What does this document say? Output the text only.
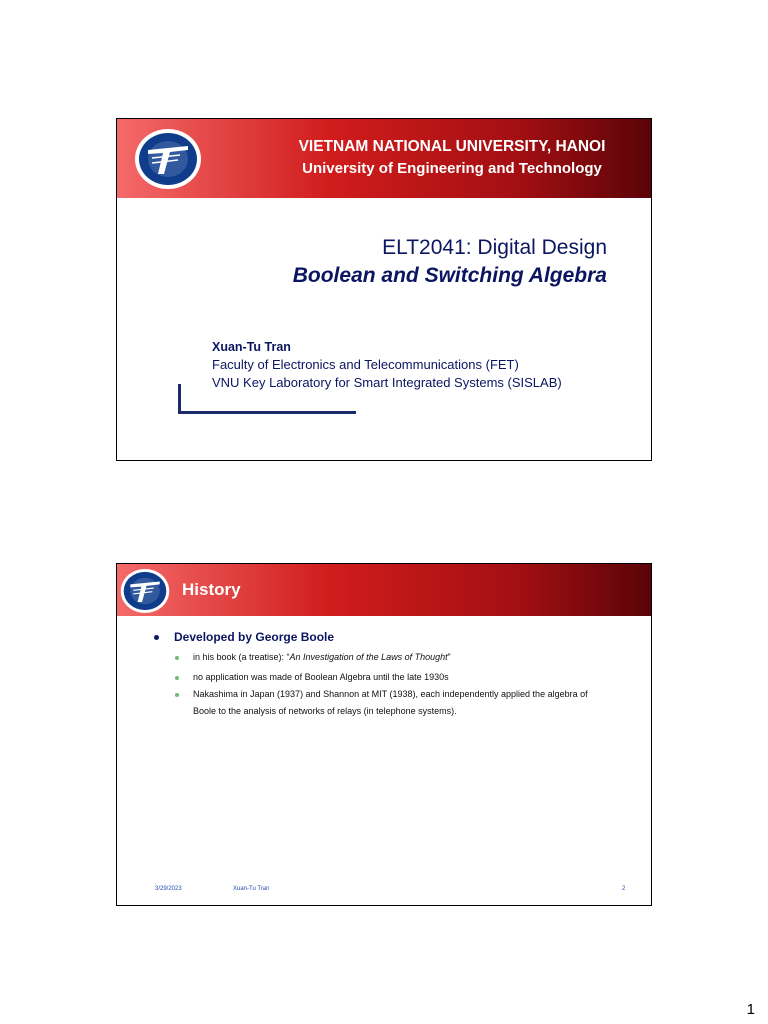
VIETNAM NATIONAL UNIVERSITY, HANOI
University of Engineering and Technology
ELT2041: Digital Design
Boolean and Switching Algebra
Xuan-Tu Tran
Faculty of Electronics and Telecommunications (FET)
VNU Key Laboratory for Smart Integrated Systems (SISLAB)
History
Developed by George Boole
in his book (a treatise): “An Investigation of the Laws of Thought”
no application was made of Boolean Algebra until the late 1930s
Nakashima in Japan (1937) and Shannon at MIT (1938), each independently applied the algebra of
Boole to the analysis of networks of relays (in telephone systems).
3/29/2023	Xuan-Tu Tran	2
1
